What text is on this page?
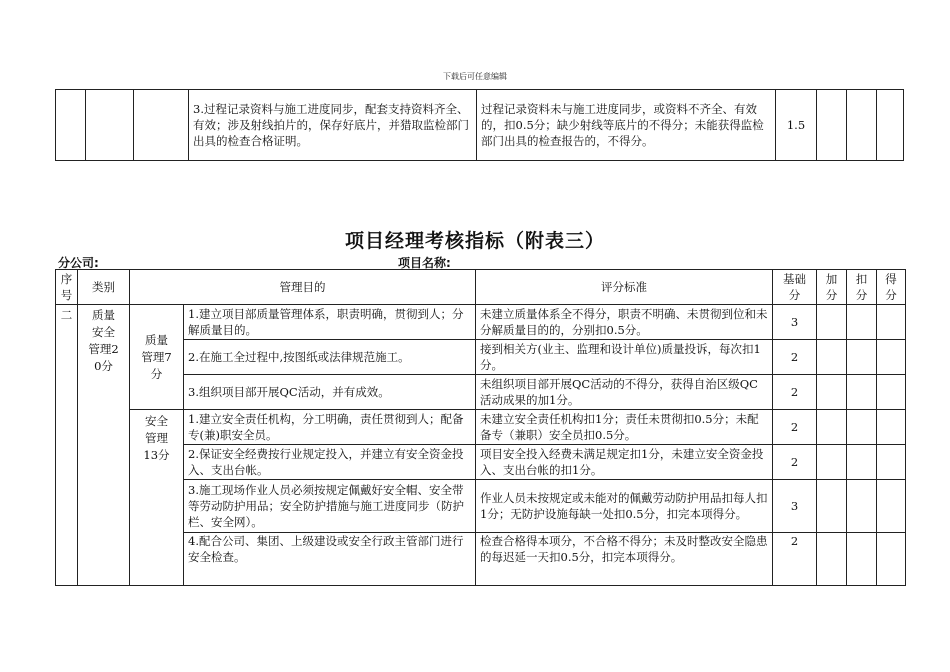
下载后可任意编辑
			3.过程记录资料与施工进度同步，配套支持资料齐全、有效；涉及射线拍片的，保存好底片，并猎取监检部门出具的检查合格证明。	过程记录资料未与施工进度同步，或资料不齐全、有效的，扣0.5分；缺少射线等底片的不得分；未能获得监检部门出具的检查报告的，不得分。	1.5			
项目经理考核指标（附表三）
分公司:	项目名称:
序号	类别	管理目的		评分标准	基础分	加分	扣分	得分
二	质量安全管理20分	质量管理7分	1.建立项目部质量管理体系，职责明确，贯彻到人；分解质量目的。	未建立质量体系全不得分，职责不明确、未贯彻到位和未分解质量目的的，分别扣0.5分。	3			
			2.在施工全过程中,按图纸或法律规范施工。	接到相关方(业主、监理和设计单位)质量投诉，每次扣1分。	2			
			3.组织项目部开展QC活动，并有成效。	未组织项目部开展QC活动的不得分，获得自治区级QC活动成果的加1分。	2			
		安全管理13分	1.建立安全责任机构，分工明确，责任贯彻到人；配备专(兼)职安全员。	未建立安全责任机构扣1分；责任未贯彻扣0.5分；未配备专（兼职）安全员扣0.5分。	2			
			2.保证安全经费按行业规定投入，并建立有安全资金投入、支出台帐。	项目安全投入经费未满足规定扣1分，未建立安全资金投入、支出台帐的扣1分。	2			
			3.施工现场作业人员必须按规定佩戴好安全帽、安全带等劳动防护用品；安全防护措施与施工进度同步（防护栏、安全网）。	作业人员未按规定或未能对的佩戴劳动防护用品扣每人扣1分；无防护设施每缺一处扣0.5分，扣完本项得分。	3			
			4.配合公司、集团、上级建设或安全行政主管部门进行安全检查。	检查合格得本项分，不合格不得分；未及时整改安全隐患的每迟延一天扣0.5分，扣完本项得分。	2			
